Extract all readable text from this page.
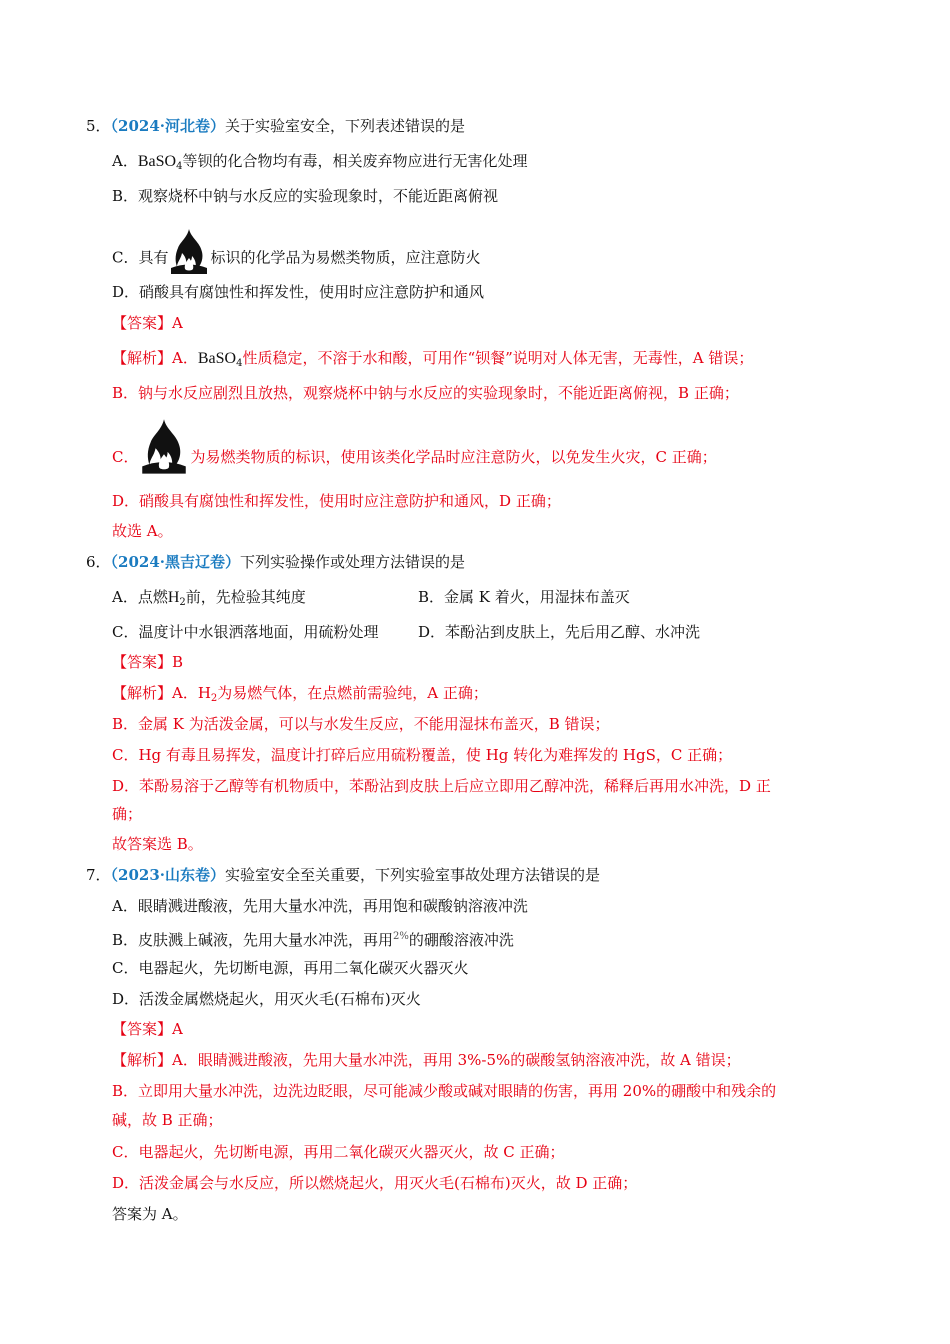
5．（2024·河北卷）关于实验室安全，下列表述错误的是
A．BaSO$_4$等钡的化合物均有毒，相关废弃物应进行无害化处理
B．观察烧杯中钠与水反应的实验现象时，不能近距离俯视
C．具有	标识的化学品为易燃类物质，应注意防火
D．硝酸具有腐蚀性和挥发性，使用时应注意防护和通风
【答案】A
【解析】A．BaSO$_4$性质稳定，不溶于水和酸，可用作“钡餐”说明对人体无害，无毒性，A 错误；
B．钠与水反应剧烈且放热，观察烧杯中钠与水反应的实验现象时，不能近距离俯视，B 正确；
C．	为易燃类物质的标识，使用该类化学品时应注意防火，以免发生火灾，C 正确；
D．硝酸具有腐蚀性和挥发性，使用时应注意防护和通风，D 正确；
故选 A。
6．（2024·黑吉辽卷）下列实验操作或处理方法错误的是
A．点燃$H_2$前，先检验其纯度	B．金属 K 着火，用湿抹布盖灭
C．温度计中水银洒落地面，用硫粉处理	D．苯酚沾到皮肤上，先后用乙醇、水冲洗
【答案】B
【解析】A．$H_2$为易燃气体，在点燃前需验纯，A 正确；
B．金属 K 为活泼金属，可以与水发生反应，不能用湿抹布盖灭，B 错误；
C．Hg 有毒且易挥发，温度计打碎后应用硫粉覆盖，使 Hg 转化为难挥发的 HgS，C 正确；
D．苯酚易溶于乙醇等有机物质中，苯酚沾到皮肤上后应立即用乙醇冲洗，稀释后再用水冲洗，D 正
确；
故答案选 B。
7．（2023·山东卷）实验室安全至关重要，下列实验室事故处理方法错误的是
A．眼睛溅进酸液，先用大量水冲洗，再用饱和碳酸钠溶液冲洗
B．皮肤溅上碱液，先用大量水冲洗，再用$^{2\%}$的硼酸溶液冲洗
C．电器起火，先切断电源，再用二氧化碳灭火器灭火
D．活泼金属燃烧起火，用灭火毛(石棉布)灭火
【答案】A
【解析】A．眼睛溅进酸液，先用大量水冲洗，再用 3%-5%的碳酸氢钠溶液冲洗，故 A 错误；
B．立即用大量水冲洗，边洗边眨眼，尽可能减少酸或碱对眼睛的伤害，再用 20%的硼酸中和残余的
碱，故 B 正确；
C．电器起火，先切断电源，再用二氧化碳灭火器灭火，故 C 正确；
D．活泼金属会与水反应，所以燃烧起火，用灭火毛(石棉布)灭火，故 D 正确；
答案为 A。
